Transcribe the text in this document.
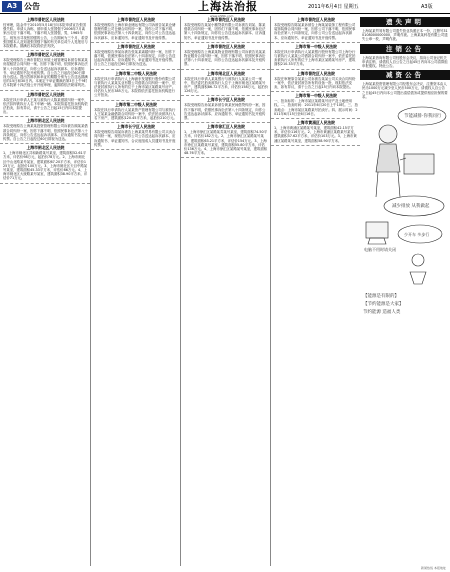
A3 公告	上海法治报	2011年6月4日 星期五	A3版
www.shfzb.com
上海市普陀区人民法院

经审理，陆金华于2010年5月18日向本院申请宣告张国强失踪。申请人诉称，被申请人张国强于2006年7月离家出走后下落不明。下落不明人张国强，男，1965年生。现发出寻找张国强的公告，公告期间为三个月，希望张国强本人及知道张国强下落的有关单位或个人见报后与本院联系。期满后本院将依法判决。

上海市普陀区人民法院

本院受理原告上海市普陀区房屋土地管理局诉被告林某某房屋租赁合同纠纷一案，因你下落不明，依照民事诉讼法第八十四条规定，向你公告送达起诉状副本、应诉通知书、举证通知书及开庭传票。自公告之日起经过60日即视为送达。提出答辩状和举证的期限分别为公告送达期满后的15日和30日内。本案定于举证期满后第3日上午9时在本院第十四法庭公开开庭审理，逾期将依法缺席判决。

上海市普陀区人民法院

本院在执行申请人王某与被执行人陈某借款纠纷一案中，依法扣押被执行人名下车辆一辆。本院拟委托拍卖机构依法拍卖，如有异议，请于公告之日起15日内向本院提出。

上海市闸北区人民法院

本院受理原告上海某某投资管理有限公司诉被告顾某某借款合同纠纷一案，因你下落不明，依照民事诉讼法第八十四条规定，向你公告送达起诉状副本、应诉通知书及开庭传票。自公告之日起经过60日即视为送达。

上海市闸北区人民法院

1、上海市闸北区共和新路某号某室，建筑面积52.61平方米，评估价98万元，起拍价78万元。2、上海市闸北区中山北路某号某室，建筑面积67.20平方米，评估价125万元，起拍价100万元。3、上海市闸北区天目中路某号某室，建筑面积45.33平方米，评估价86万元。4、上海市闸北区大统路某号某室，建筑面积38.90平方米，评估价71万元。

上海市普陀区人民法院

本院受理原告上海市商业储运有限公司诉被告某某仓储管理有限公司仓储合同纠纷一案，因你公司下落不明，依照民事诉讼法第八十四条规定，向你公司公告送达起诉状副本、应诉通知书、举证通知书及开庭传票。

上海市普陀区人民法院

本院受理原告李某诉被告张某某离婚纠纷一案，因你下落不明，依照民事诉讼法第八十四条规定，向你公告送达起诉状副本、应诉通知书、举证通知书及开庭传票。自公告之日起经过60日即视为送达。

上海市第二中级人民法院

本院在执行申请执行人上海浦东发展银行股份有限公司与被执行人某某实业有限公司借款合同纠纷一案中，依法查封被执行人所有的位于上海市某区某路某号房产。评估价人民币385万元。本院将依法委托拍卖机构进行公开拍卖。

上海市第二中级人民法院

本院在执行申请执行人某某资产管理有限公司与被执行人王某某金融借款合同纠纷一案中，依法拍卖被执行人名下房产，建筑面积120.45平方米，起拍价210万元。

上海市长宁区人民法院

本院受理原告周某诉被告上海某某贸易有限公司买卖合同纠纷一案，现依法向你公司公告送达起诉状副本、应诉通知书、举证通知书、合议庭组成人员通知书及开庭传票。

上海市普陀区人民法院

本院受理原告某某小额贷款有限公司诉被告刘某、陈某借款合同纠纷一案，因你们下落不明，依照民事诉讼法第八十四条规定，向你们公告送达起诉状副本、应诉通知书、举证通知书及开庭传票。

上海市普陀区人民法院

本院受理原告上海某某物业管理有限公司诉被告吴某某物业服务合同纠纷一案，因你下落不明，依照民事诉讼法第八十四条规定，向你公告送达起诉状副本及开庭传票。

上海市闸北区人民法院

本院在执行申请人某某银行与被执行人某某公司一案中，依法委托拍卖被执行人位于上海市闸北区某路某号房产，建筑面积86.72平方米，评估价158万元，起拍价126万元。

上海市长宁区人民法院

本院受理原告孙某某诉被告黄某民间借贷纠纷一案，因你下落不明，依照民事诉讼法第八十四条规定，向你公告送达起诉状副本、应诉通知书、举证通知书及开庭传票。

上海市徐汇区人民法院

1、上海市徐汇区某路某弄某号某室，建筑面积74.50平方米，评估价182万元。2、上海市徐汇区某路某号某室，建筑面积63.21平方米，评估价154万元。3、上海市徐汇区某路某号某室，建筑面积55.80平方米，评估价136万元。4、上海市徐汇区某路某号某室，建筑面积48.76平方米。

上海市普陀区人民法院

本院受理原告陈某某诉被告上海某某装饰工程有限公司装饰装修合同纠纷一案，因你公司下落不明，依照民事诉讼法第八十四条规定，向你公司公告送达起诉状副本、应诉通知书、举证通知书及开庭传票。

上海市第一中级人民法院

本院在执行申请执行人某某银行股份有限公司上海分行与被执行人某某公司借款合同纠纷一案中，依法委托拍卖被执行人所有的位于上海市某区某路某号房产，建筑面积210.33平方米。

上海市普陀区人民法院

本院在审理原告某某公司诉被告某某公司买卖合同纠纷一案中，依法查封被告所有的设备一批，现拟依法变卖，如有异议，请于公告之日起15日内向本院提出。

上海市第一中级人民法院

一、拍卖标的：上海市某区某路某号房产及土地使用权。二、拍卖时间：2011年6月20日上午10时。三、拍卖地点：上海市某区某路某号拍卖厅。四、展示时间：2011年6月15日至6月16日。

上海市黄浦区人民法院

1、上海市黄浦区某路某号某室，建筑面积42.15平方米，评估价116万元。2、上海市黄浦区某路某号某室，建筑面积37.62平方米，评估价103万元。3、上海市黄浦区某路某号某室，建筑面积58.90平方米。

遗失声明
上海某某贸易有限公司遗失营业执照正本一份，注册号310108000000000，声明作废。上海某某科技有限公司遗失公章一枚，声明作废。
注销公告
上海某某咨询有限公司经股东会决议，拟向公司登记机关申请注销，请债权人自公告之日起45日内向本公司清算组申报债权。特此公告。
减资公告
上海某某投资管理有限公司经股东会决议，注册资本由人民币1000万元减少至人民币500万元，请债权人自公告之日起45日内向本公司提出清偿债务或提供相应担保的要求。
节能减排·你我同行
减少排放 从我做起
电脑不用时请关闭
少开车 多步行
【能源是有限的】
【节约能源是大家】
节约能源 造福人类
新闻热线 本报地址
